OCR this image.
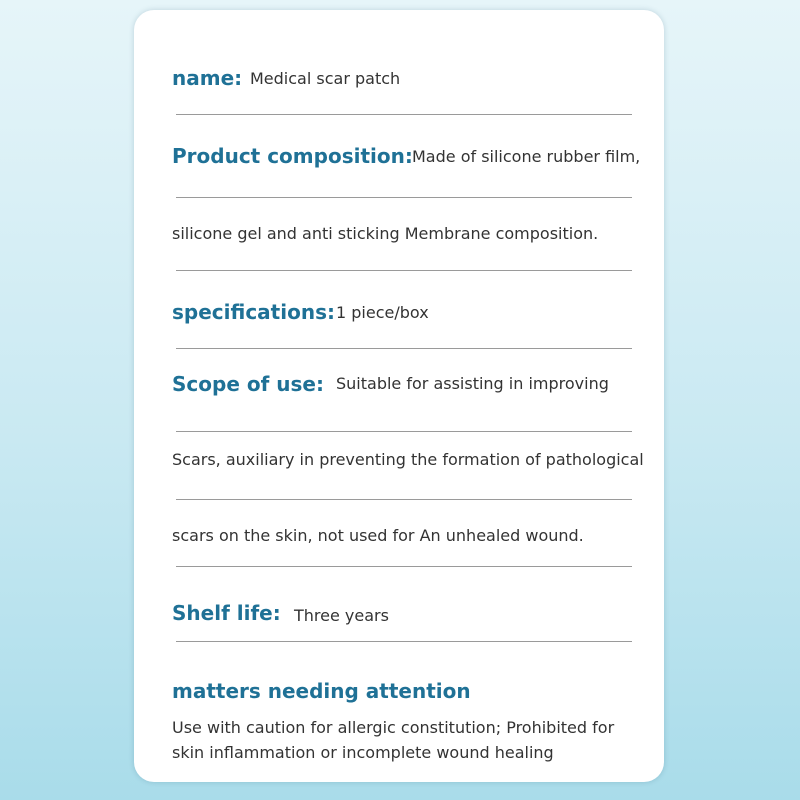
name: Medical scar patch
Product composition: Made of silicone rubber film,
silicone gel and anti sticking Membrane composition.
specifications: 1 piece/box
Scope of use: Suitable for assisting in improving
Scars, auxiliary in preventing the formation of pathological
scars on the skin, not used for An unhealed wound.
Shelf life: Three years
matters needing attention
Use with caution for allergic constitution; Prohibited for
skin inflammation or incomplete wound healing
